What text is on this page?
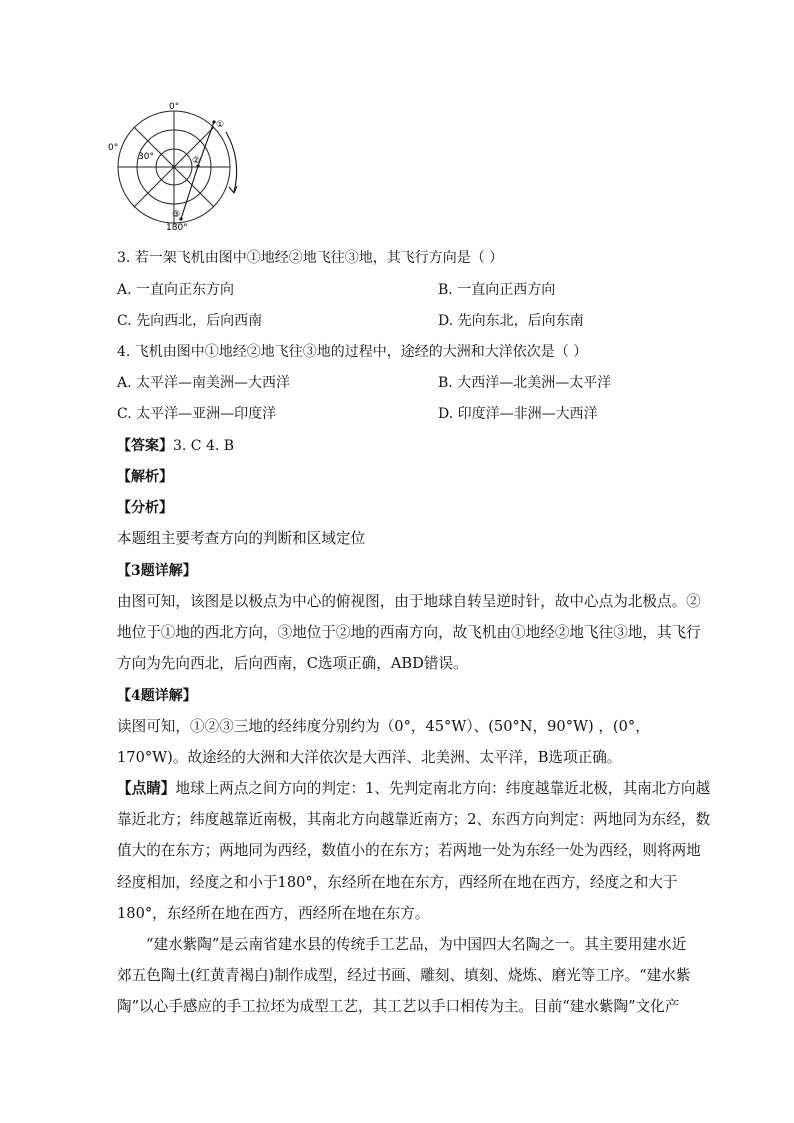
0°
0°
30°
180°
①
②
③
3. 若一架飞机由图中①地经②地飞往③地，其飞行方向是（ ）
A. 一直向正东方向	B. 一直向正西方向
C. 先向西北，后向西南	D. 先向东北，后向东南
4. 飞机由图中①地经②地飞往③地的过程中，途经的大洲和大洋依次是（ ）
A. 太平洋—南美洲—大西洋	B. 大西洋—北美洲—太平洋
C. 太平洋—亚洲—印度洋	D. 印度洋—非洲—大西洋
【答案】3. C 4. B
【解析】
【分析】
本题组主要考查方向的判断和区域定位
【3题详解】
由图可知，该图是以极点为中心的俯视图，由于地球自转呈逆时针，故中心点为北极点。②
地位于①地的西北方向，③地位于②地的西南方向，故飞机由①地经②地飞往③地，其飞行
方向为先向西北，后向西南，C选项正确，ABD错误。
【4题详解】
读图可知，①②③三地的经纬度分别约为（0°，45°W）、(50°N，90°W) ，(0°，
170°W)。故途经的大洲和大洋依次是大西洋、北美洲、太平洋，B选项正确。
【点睛】地球上两点之间方向的判定：1、先判定南北方向：纬度越靠近北极，其南北方向越
靠近北方；纬度越靠近南极，其南北方向越靠近南方；2、东西方向判定：两地同为东经，数
值大的在东方；两地同为西经，数值小的在东方；若两地一处为东经一处为西经，则将两地
经度相加，经度之和小于180°，东经所在地在东方，西经所在地在西方，经度之和大于
180°，东经所在地在西方，西经所在地在东方。
“建水紫陶”是云南省建水县的传统手工艺品，为中国四大名陶之一。其主要用建水近
郊五色陶土(红黄青褐白)制作成型，经过书画、雕刻、填刻、烧炼、磨光等工序。“建水紫
陶”以心手感应的手工拉坯为成型工艺，其工艺以手口相传为主。目前“建水紫陶”文化产
